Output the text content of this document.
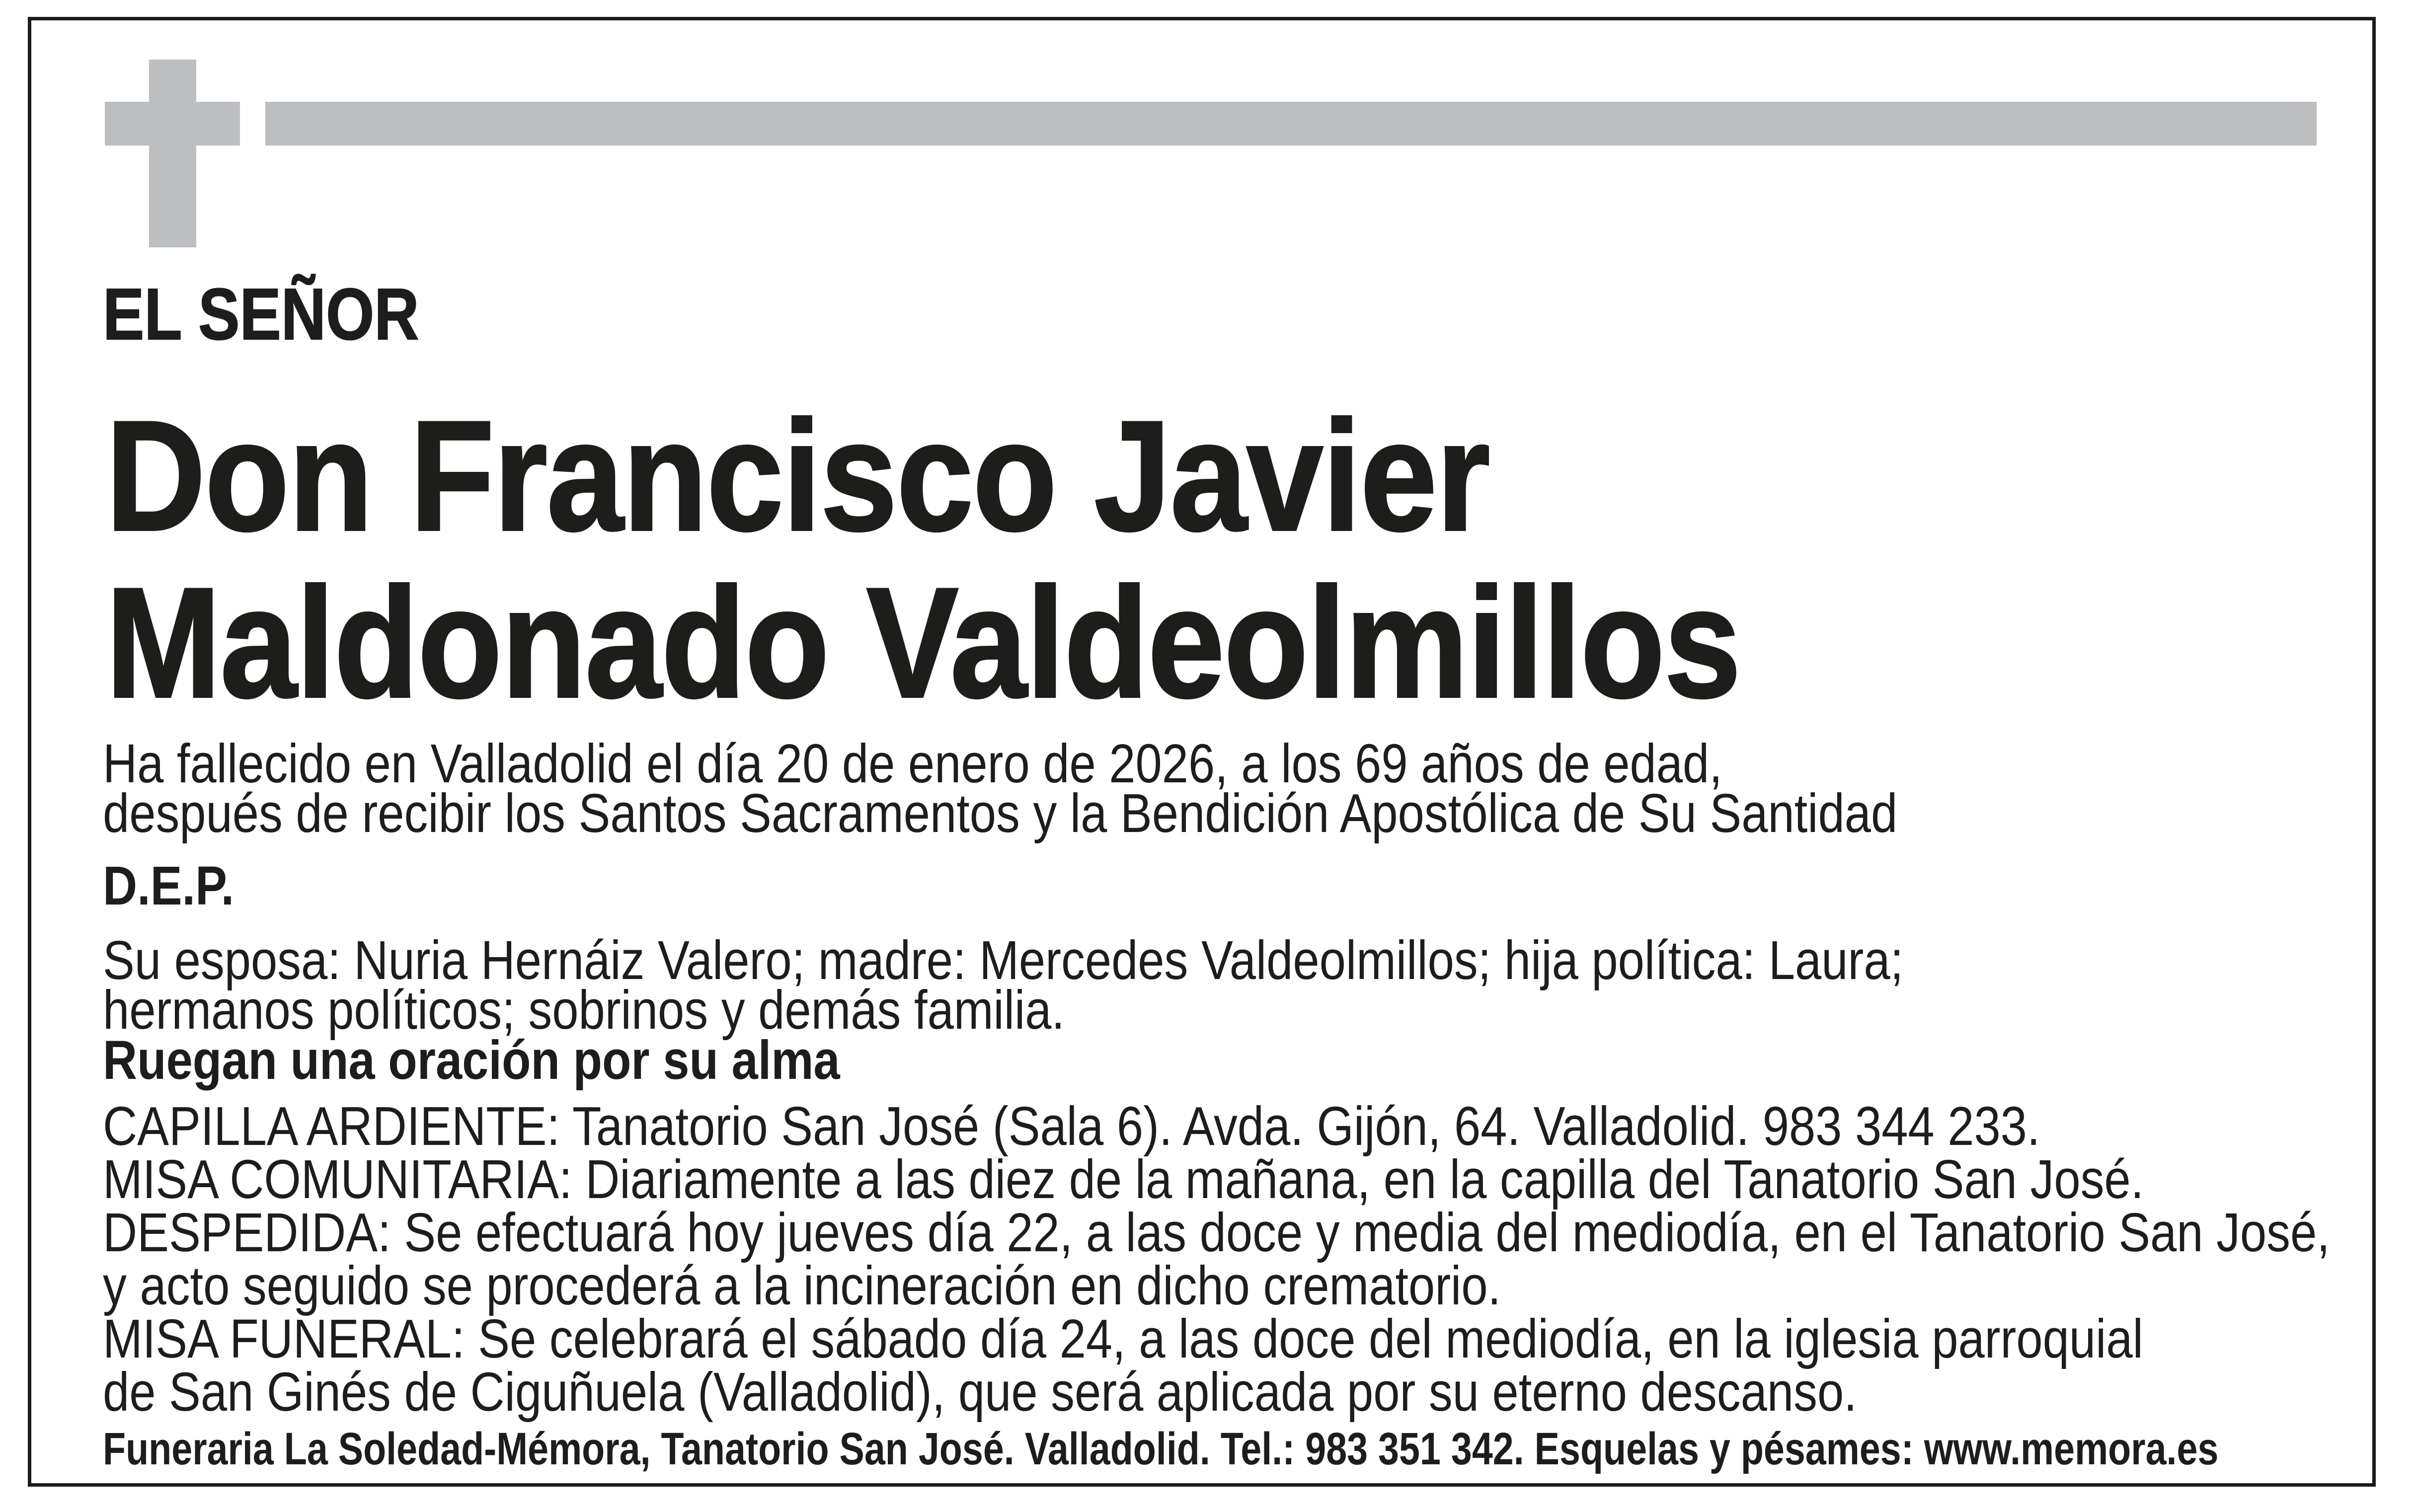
EL SEÑOR
Don Francisco Javier
Maldonado Valdeolmillos
Ha fallecido en Valladolid el día 20 de enero de 2026, a los 69 años de edad,
después de recibir los Santos Sacramentos y la Bendición Apostólica de Su Santidad
D.E.P.
Su esposa: Nuria Hernáiz Valero; madre: Mercedes Valdeolmillos; hija política: Laura;
hermanos políticos; sobrinos y demás familia.
Ruegan una oración por su alma
CAPILLA ARDIENTE: Tanatorio San José (Sala 6). Avda. Gijón, 64. Valladolid. 983 344 233.
MISA COMUNITARIA: Diariamente a las diez de la mañana, en la capilla del Tanatorio San José.
DESPEDIDA: Se efectuará hoy jueves día 22, a las doce y media del mediodía, en el Tanatorio San José,
y acto seguido se procederá a la incineración en dicho crematorio.
MISA FUNERAL: Se celebrará el sábado día 24, a las doce del mediodía, en la iglesia parroquial
de San Ginés de Ciguñuela (Valladolid), que será aplicada por su eterno descanso.
Funeraria La Soledad-Mémora, Tanatorio San José. Valladolid. Tel.: 983 351 342. Esquelas y pésames: www.memora.es
